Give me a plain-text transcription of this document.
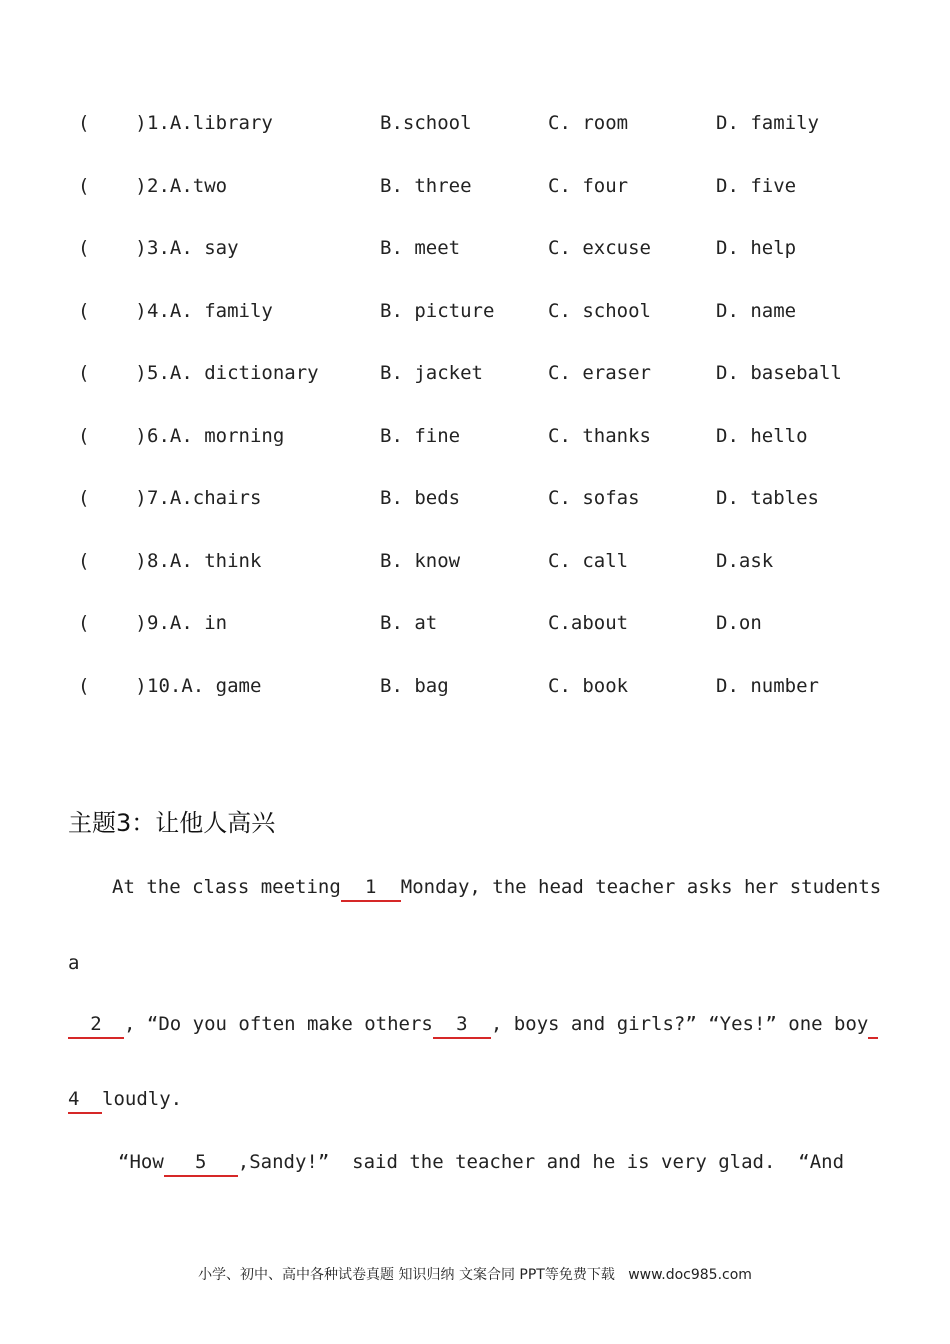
(    ) 1.A.library	B.school	C. room	D. family
(    ) 2.A.two	B. three	C. four	D. five
(    ) 3.A. say	B. meet	C. excuse	D. help
(    ) 4.A. family	B. picture	C. school	D. name
(    ) 5.A. dictionary	B. jacket	C. eraser	D. baseball
(    ) 6.A. morning	B. fine	C. thanks	D. hello
(    ) 7.A.chairs	B. beds	C. sofas	D. tables
(    ) 8.A. think	B. know	C. call	D.ask
(    ) 9.A. in	B. at	C.about	D.on
(    ) 10.A. game	B. bag	C. book	D. number
主题3：让他人高兴
At the class meeting 1 Monday, the head teacher asks her students
a
2 , “Do you often make others 3 , boys and girls?” “Yes!” one boy
4 loudly.
“How 5 ,Sandy!”  said the teacher and he is very glad.  “And
小学、初中、高中各种试卷真题 知识归纳 文案合同 PPT等免费下载   www.doc985.com
